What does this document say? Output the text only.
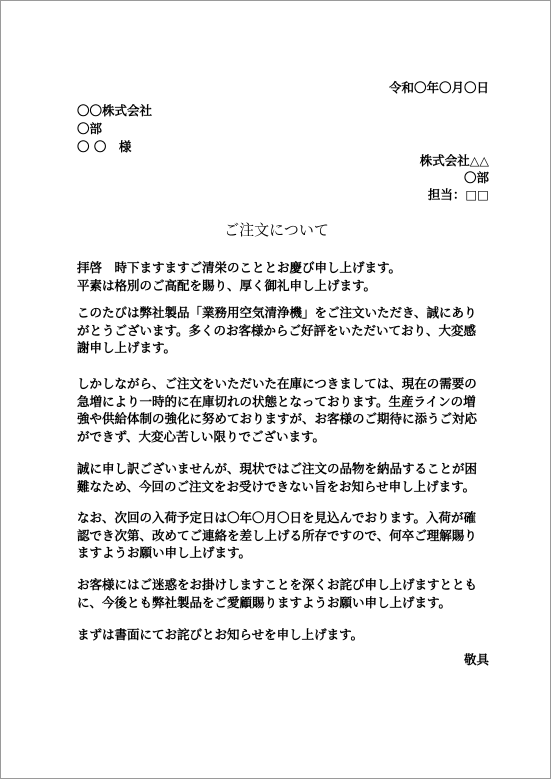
令和〇年〇月〇日
〇〇株式会社
〇部
〇 〇　様
株式会社△△
〇部
担当：□□
ご注文について
拝啓　時下ますますご清栄のこととお慶び申し上げます。
平素は格別のご高配を賜り、厚く御礼申し上げます。
このたびは弊社製品「業務用空気清浄機」をご注文いただき、誠にあり
がとうございます。多くのお客様からご好評をいただいており、大変感
謝申し上げます。
しかしながら、ご注文をいただいた在庫につきましては、現在の需要の
急増により一時的に在庫切れの状態となっております。生産ラインの増
強や供給体制の強化に努めておりますが、お客様のご期待に添うご対応
ができず、大変心苦しい限りでございます。
誠に申し訳ございませんが、現状ではご注文の品物を納品することが困
難なため、今回のご注文をお受けできない旨をお知らせ申し上げます。
なお、次回の入荷予定日は〇年〇月〇日を見込んでおります。入荷が確
認でき次第、改めてご連絡を差し上げる所存ですので、何卒ご理解賜り
ますようお願い申し上げます。
お客様にはご迷惑をお掛けしますことを深くお詫び申し上げますととも
に、今後とも弊社製品をご愛顧賜りますようお願い申し上げます。
まずは書面にてお詫びとお知らせを申し上げます。
敬具
